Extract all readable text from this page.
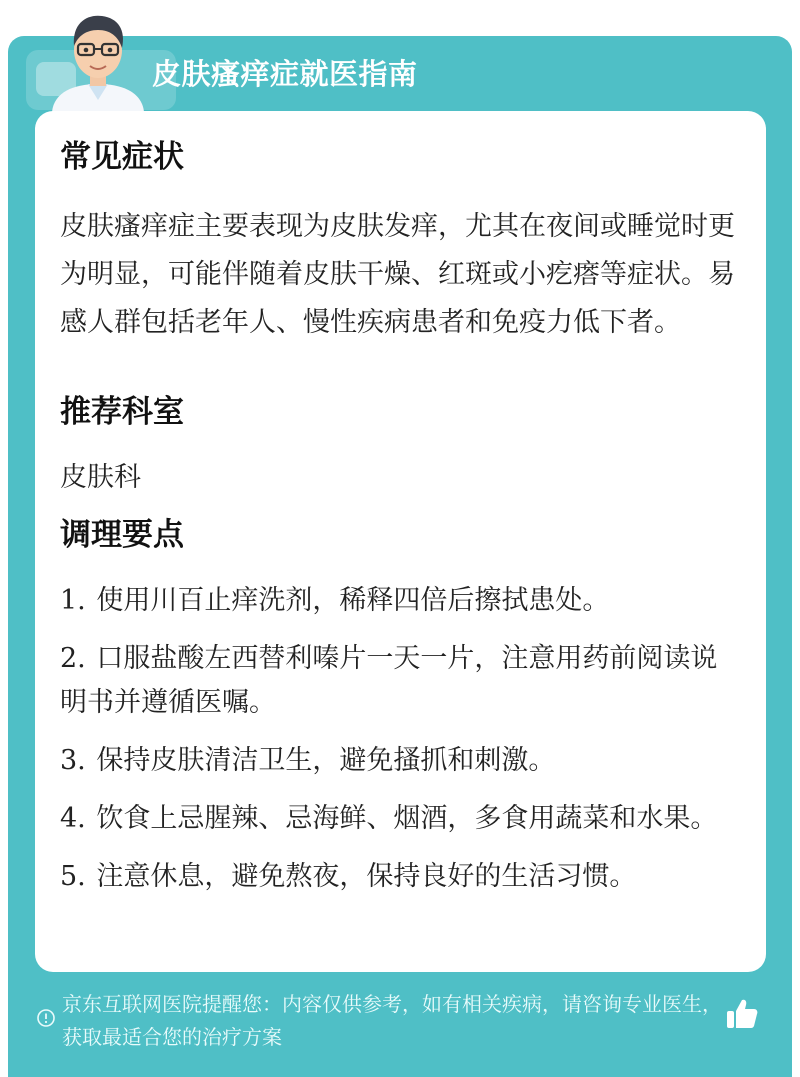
皮肤瘙痒症就医指南
常见症状
皮肤瘙痒症主要表现为皮肤发痒，尤其在夜间或睡觉时更为明显，可能伴随着皮肤干燥、红斑或小疙瘩等症状。易感人群包括老年人、慢性疾病患者和免疫力低下者。
推荐科室
皮肤科
调理要点
1. 使用川百止痒洗剂，稀释四倍后擦拭患处。
2. 口服盐酸左西替利嗪片一天一片，注意用药前阅读说明书并遵循医嘱。
3. 保持皮肤清洁卫生，避免搔抓和刺激。
4. 饮食上忌腥辣、忌海鲜、烟酒，多食用蔬菜和水果。
5. 注意休息，避免熬夜，保持良好的生活习惯。
京东互联网医院提醒您：内容仅供参考，如有相关疾病，请咨询专业医生，获取最适合您的治疗方案
